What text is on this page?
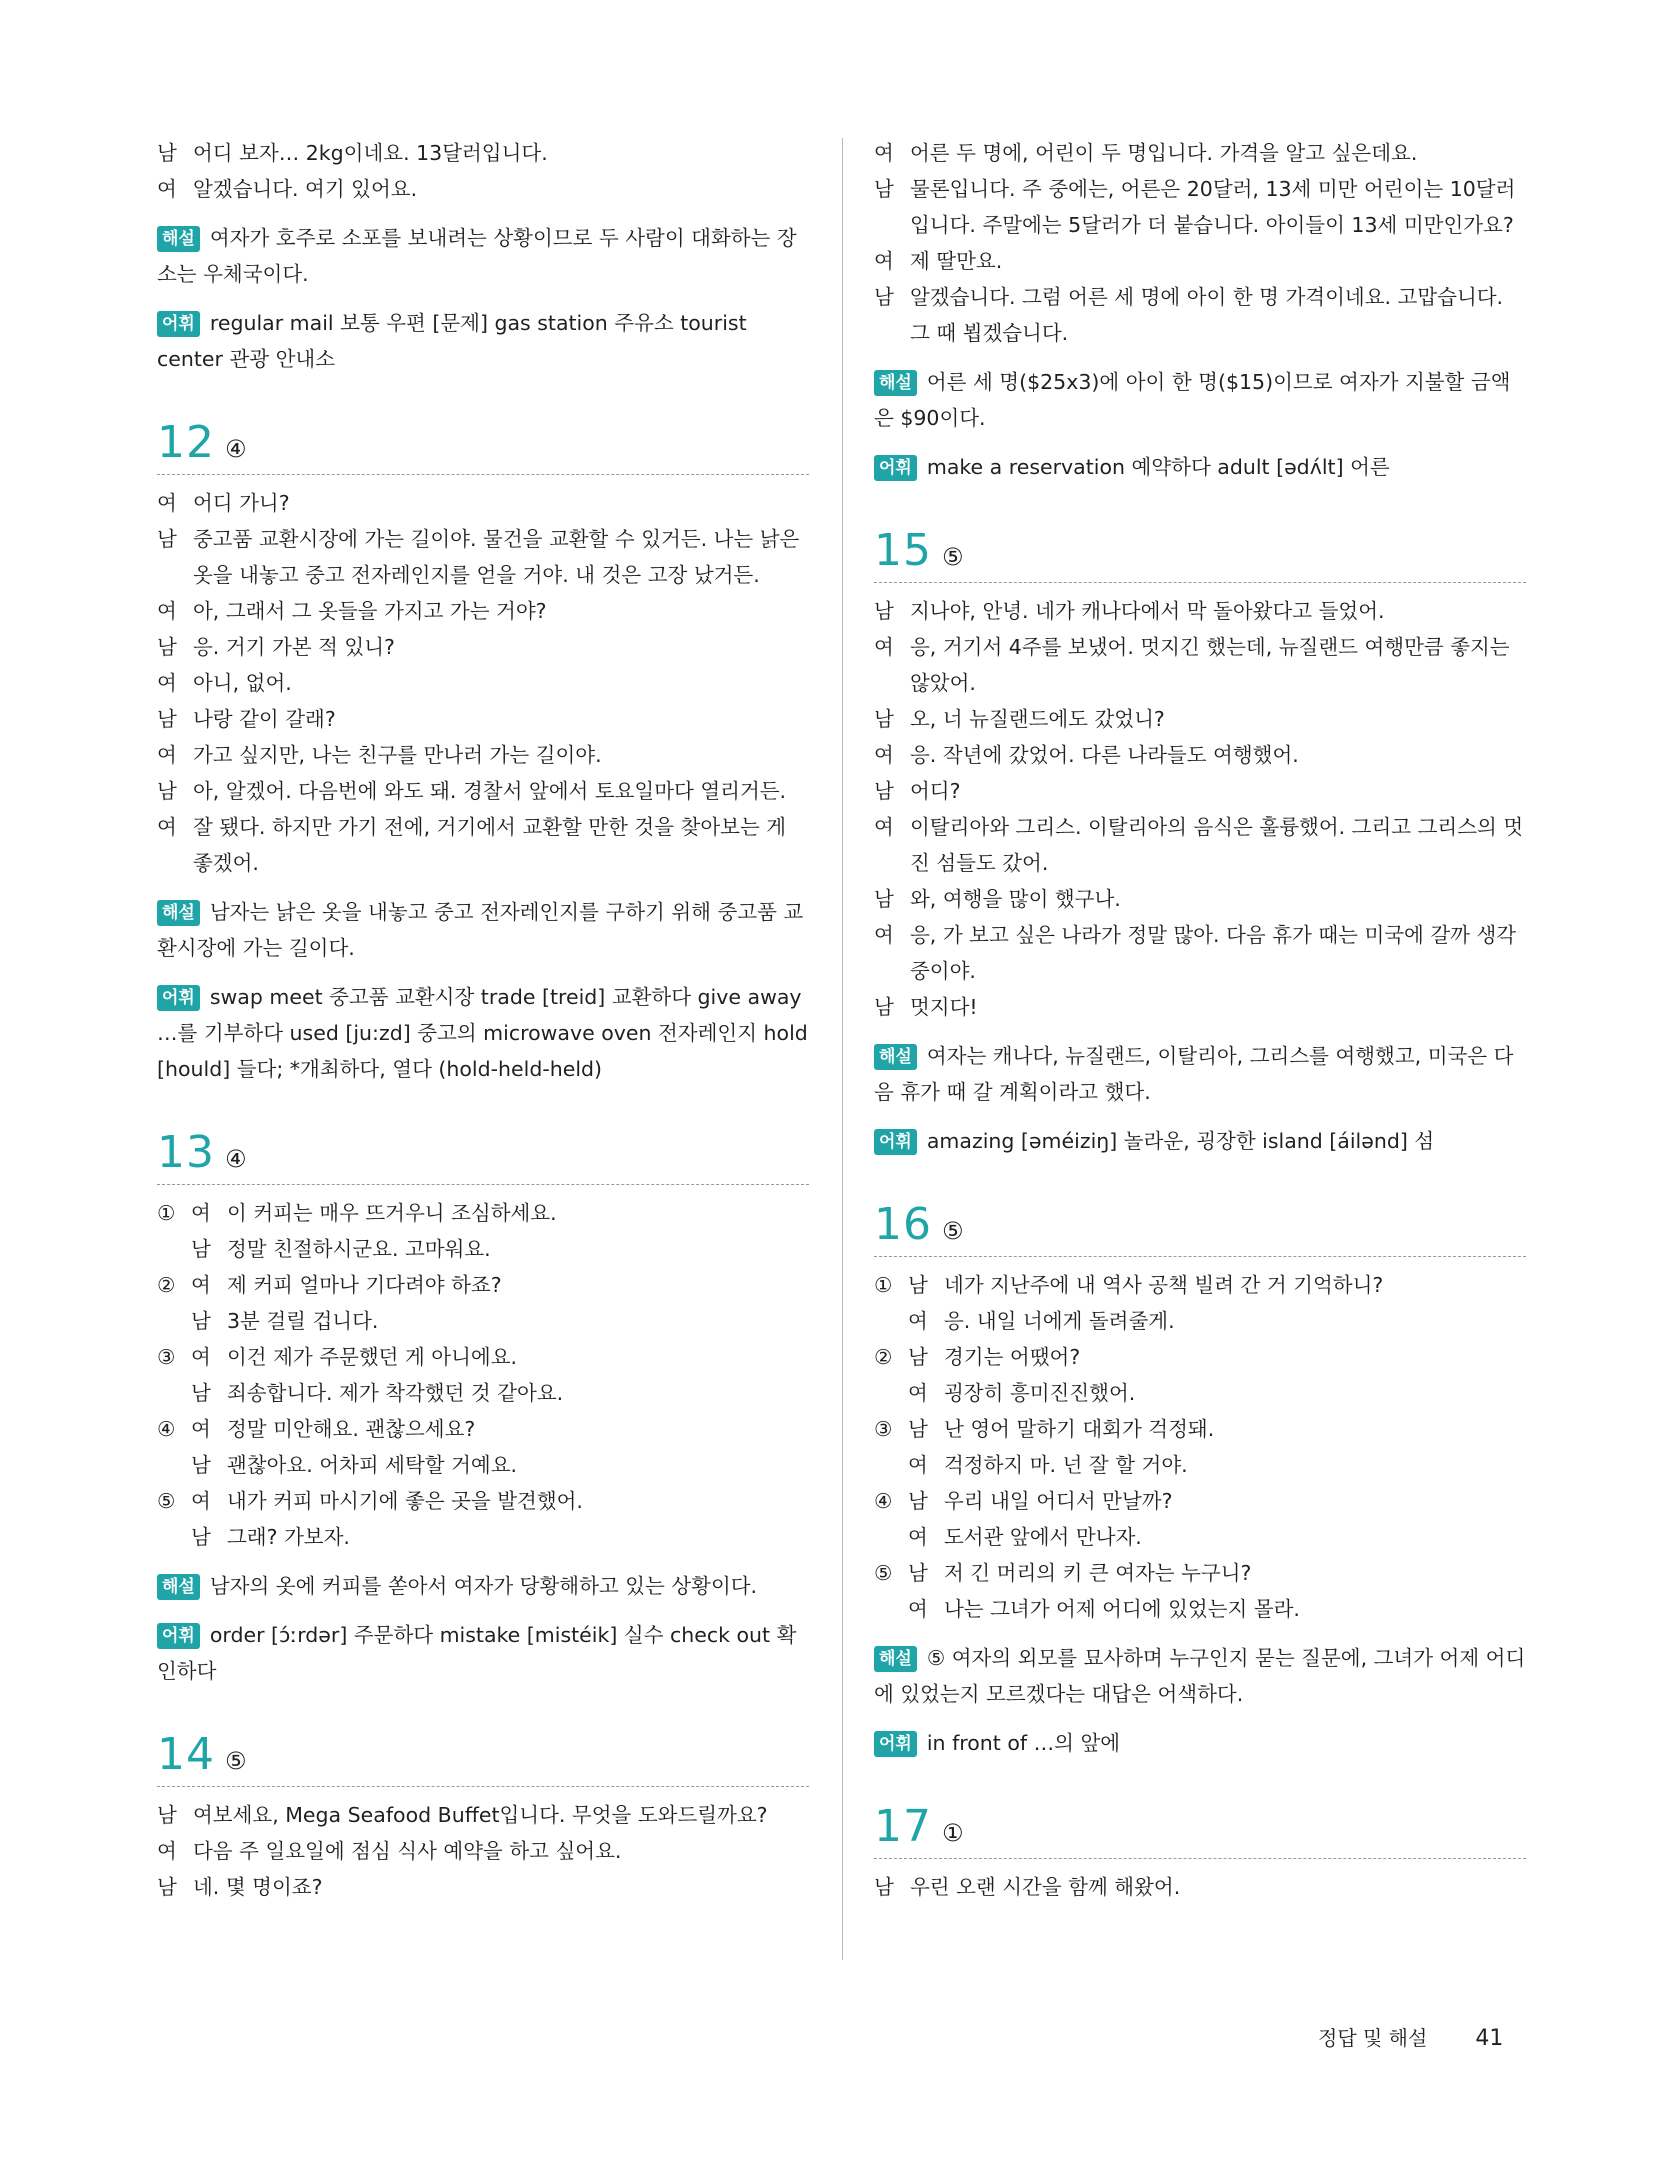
남 어디 보자… 2kg이네요. 13달러입니다.
여 알겠습니다. 여기 있어요.
해설 여자가 호주로 소포를 보내려는 상황이므로 두 사람이 대화하는 장소는 우체국이다.
어휘 regular mail 보통 우편 [문제] gas station 주유소 tourist center 관광 안내소
12 ④
여 어디 가니?
남 중고품 교환시장에 가는 길이야. 물건을 교환할 수 있거든. 나는 낡은 옷을 내놓고 중고 전자레인지를 얻을 거야. 내 것은 고장 났거든.
여 아, 그래서 그 옷들을 가지고 가는 거야?
남 응. 거기 가본 적 있니?
여 아니, 없어.
남 나랑 같이 갈래?
여 가고 싶지만, 나는 친구를 만나러 가는 길이야.
남 아, 알겠어. 다음번에 와도 돼. 경찰서 앞에서 토요일마다 열리거든.
여 잘 됐다. 하지만 가기 전에, 거기에서 교환할 만한 것을 찾아보는 게 좋겠어.
해설 남자는 낡은 옷을 내놓고 중고 전자레인지를 구하기 위해 중고품 교환시장에 가는 길이다.
어휘 swap meet 중고품 교환시장 trade [treid] 교환하다 give away …를 기부하다 used [ju:zd] 중고의 microwave oven 전자레인지 hold [hould] 들다; *개최하다, 열다 (hold-held-held)
13 ④
① 여 이 커피는 매우 뜨거우니 조심하세요.
남 정말 친절하시군요. 고마워요.
② 여 제 커피 얼마나 기다려야 하죠?
남 3분 걸릴 겁니다.
③ 여 이건 제가 주문했던 게 아니에요.
남 죄송합니다. 제가 착각했던 것 같아요.
④ 여 정말 미안해요. 괜찮으세요?
남 괜찮아요. 어차피 세탁할 거예요.
⑤ 여 내가 커피 마시기에 좋은 곳을 발견했어.
남 그래? 가보자.
해설 남자의 옷에 커피를 쏟아서 여자가 당황해하고 있는 상황이다.
어휘 order [ɔ́ːrdər] 주문하다 mistake [mistéik] 실수 check out 확인하다
14 ⑤
남 여보세요, Mega Seafood Buffet입니다. 무엇을 도와드릴까요?
여 다음 주 일요일에 점심 식사 예약을 하고 싶어요.
남 네. 몇 명이죠?
여 어른 두 명에, 어린이 두 명입니다. 가격을 알고 싶은데요.
남 물론입니다. 주 중에는, 어른은 20달러, 13세 미만 어린이는 10달러입니다. 주말에는 5달러가 더 붙습니다. 아이들이 13세 미만인가요?
여 제 딸만요.
남 알겠습니다. 그럼 어른 세 명에 아이 한 명 가격이네요. 고맙습니다. 그 때 뵙겠습니다.
해설 어른 세 명($25x3)에 아이 한 명($15)이므로 여자가 지불할 금액은 $90이다.
어휘 make a reservation 예약하다 adult [ədʌ́lt] 어른
15 ⑤
남 지나야, 안녕. 네가 캐나다에서 막 돌아왔다고 들었어.
여 응, 거기서 4주를 보냈어. 멋지긴 했는데, 뉴질랜드 여행만큼 좋지는 않았어.
남 오, 너 뉴질랜드에도 갔었니?
여 응. 작년에 갔었어. 다른 나라들도 여행했어.
남 어디?
여 이탈리아와 그리스. 이탈리아의 음식은 훌륭했어. 그리고 그리스의 멋진 섬들도 갔어.
남 와, 여행을 많이 했구나.
여 응, 가 보고 싶은 나라가 정말 많아. 다음 휴가 때는 미국에 갈까 생각 중이야.
남 멋지다!
해설 여자는 캐나다, 뉴질랜드, 이탈리아, 그리스를 여행했고, 미국은 다음 휴가 때 갈 계획이라고 했다.
어휘 amazing [əméiziŋ] 놀라운, 굉장한 island [áilənd] 섬
16 ⑤
① 남 네가 지난주에 내 역사 공책 빌려 간 거 기억하니?
여 응. 내일 너에게 돌려줄게.
② 남 경기는 어땠어?
여 굉장히 흥미진진했어.
③ 남 난 영어 말하기 대회가 걱정돼.
여 걱정하지 마. 넌 잘 할 거야.
④ 남 우리 내일 어디서 만날까?
여 도서관 앞에서 만나자.
⑤ 남 저 긴 머리의 키 큰 여자는 누구니?
여 나는 그녀가 어제 어디에 있었는지 몰라.
해설 ⑤ 여자의 외모를 묘사하며 누구인지 묻는 질문에, 그녀가 어제 어디에 있었는지 모르겠다는 대답은 어색하다.
어휘 in front of …의 앞에
17 ①
남 우린 오랜 시간을 함께 해왔어.
정답 및 해설 41
